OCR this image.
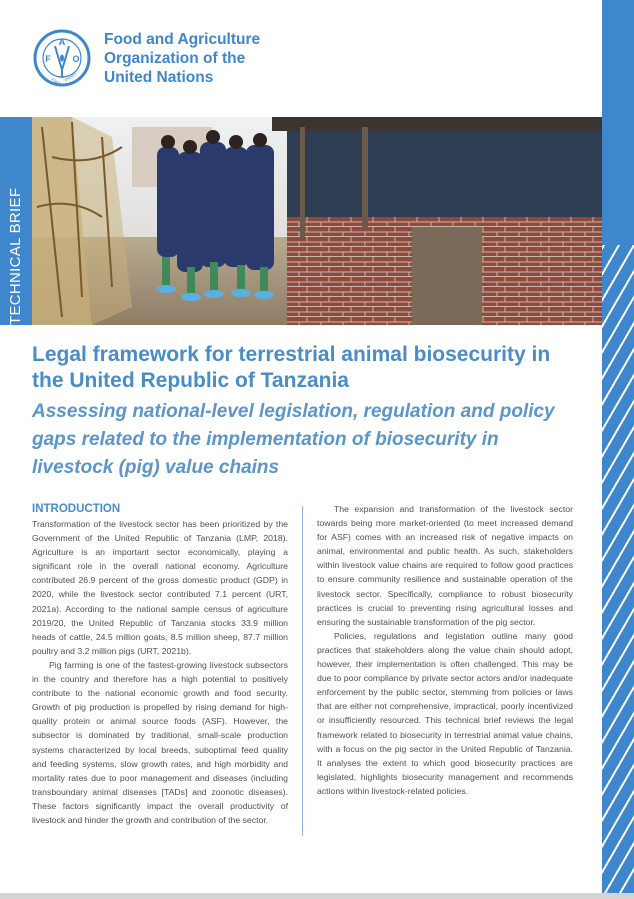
A
F O
FIAT PANIS
Food and Agriculture
Organization of the
United Nations
TECHNICAL BRIEF
Legal framework for terrestrial animal biosecurity in the United Republic of Tanzania
Assessing national-level legislation, regulation and policy gaps related to the implementation of biosecurity in livestock (pig) value chains
INTRODUCTION

Transformation of the livestock sector has been prioritized by the Government of the United Republic of Tanzania (LMP, 2018). Agriculture is an important sector economically, playing a significant role in the overall national economy. Agriculture contributed 26.9 percent of the gross domestic product (GDP) in 2020, while the livestock sector contributed 7.1 percent (URT, 2021a). According to the national sample census of agriculture 2019/20, the United Republic of Tanzania stocks 33.9 million heads of cattle, 24.5 million goats, 8.5 million sheep, 87.7 million poultry and 3.2 million pigs (URT, 2021b).

Pig farming is one of the fastest-growing livestock subsectors in the country and therefore has a high potential to positively contribute to the national economic growth and food security. Growth of pig production is propelled by rising demand for high-quality protein or animal source foods (ASF). However, the subsector is dominated by traditional, small-scale production systems characterized by local breeds, suboptimal feed quality and feeding systems, slow growth rates, and high morbidity and mortality rates due to poor management and diseases (including transboundary animal diseases [TADs] and zoonotic diseases). These factors significantly impact the overall productivity of livestock and hinder the growth and contribution of the sector.

The expansion and transformation of the livestock sector towards being more market-oriented (to meet increased demand for ASF) comes with an increased risk of negative impacts on animal, environmental and public health. As such, stakeholders within livestock value chains are required to follow good practices to ensure community resilience and sustainable operation of the livestock sector. Specifically, compliance to robust biosecurity practices is crucial to preventing rising agricultural losses and ensuring the sustainable transformation of the pig sector.

Policies, regulations and legislation outline many good practices that stakeholders along the value chain should adopt, however, their implementation is often challenged. This may be due to poor compliance by private sector actors and/or inadequate enforcement by the public sector, stemming from policies or laws that are either not comprehensive, impractical, poorly incentivized or insufficiently resourced. This technical brief reviews the legal framework related to biosecurity in terrestrial animal value chains, with a focus on the pig sector in the United Republic of Tanzania. It analyses the extent to which good biosecurity practices are legislated, highlights biosecurity management and recommends actions within livestock-related policies.
